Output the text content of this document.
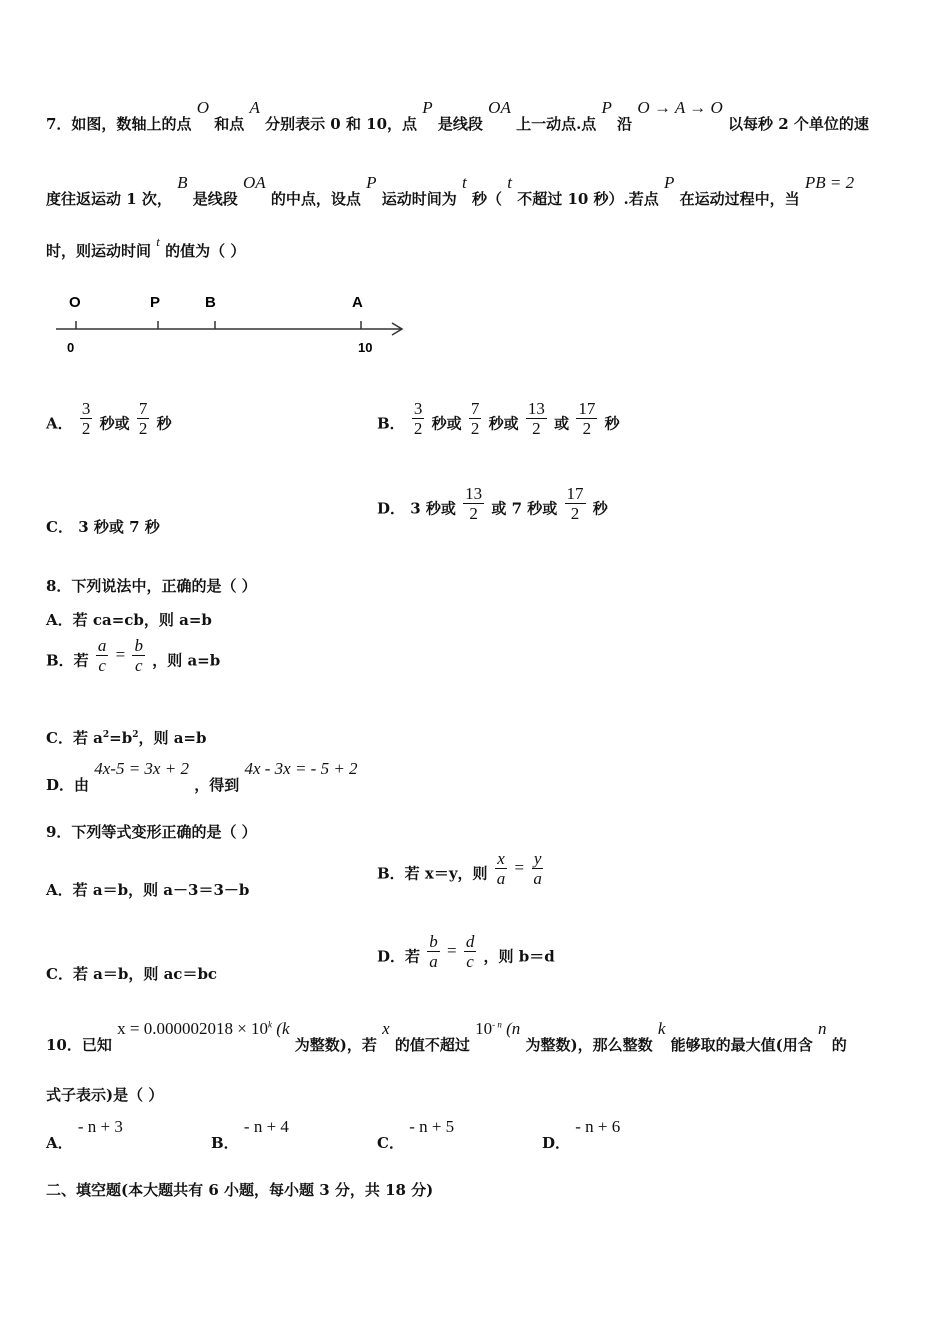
7．如图，数轴上的点 O 和点 A 分别表示 0 和 10，点 P 是线段 OA 上一动点.点 P 沿 O → A → O 以每秒 2 个单位的速
度往返运动 1 次， B 是线段 OA 的中点，设点 P 运动时间为 t 秒（ t 不超过 10 秒）.若点 P 在运动过程中，当 PB = 2
时，则运动时间 t 的值为（ ）
O	P	B	A
0	10
A． $\frac{3}{2}$ 秒或 $\frac{7}{2}$ 秒	B． $\frac{3}{2}$ 秒或 $\frac{7}{2}$ 秒或 $\frac{13}{2}$ 或 $\frac{17}{2}$ 秒
C． 3 秒或 7 秒
D． 3 秒或 $\frac{13}{2}$ 或 7 秒或 $\frac{17}{2}$ 秒
8．下列说法中，正确的是（ ）
A．若 ca=cb，则 a=b
B．若 $\frac{a}{c} = \frac{b}{c}$ ，则 a=b
C．若 $a^2=b^2$，则 a=b
D．由 4x-5 = 3x + 2 ，得到 4x - 3x = - 5 + 2
9．下列等式变形正确的是（ ）
A．若 a＝b，则 a－3＝3－b
B．若 x＝y，则 $\frac{x}{a} = \frac{y}{a}$
C．若 a＝b，则 ac＝bc
D．若 $\frac{b}{a} = \frac{d}{c}$ ，则 b＝d
10．已知 $x = 0.000002018 \times 10^k$ (k 为整数)，若 x 的值不超过 $10^{- n}$ (n 为整数)，那么整数 k 能够取的最大值(用含 n 的
式子表示)是（ ）
A． - n + 3
B． - n + 4
C． - n + 5
D． - n + 6
二、填空题(本大题共有 6 小题，每小题 3 分，共 18 分)
